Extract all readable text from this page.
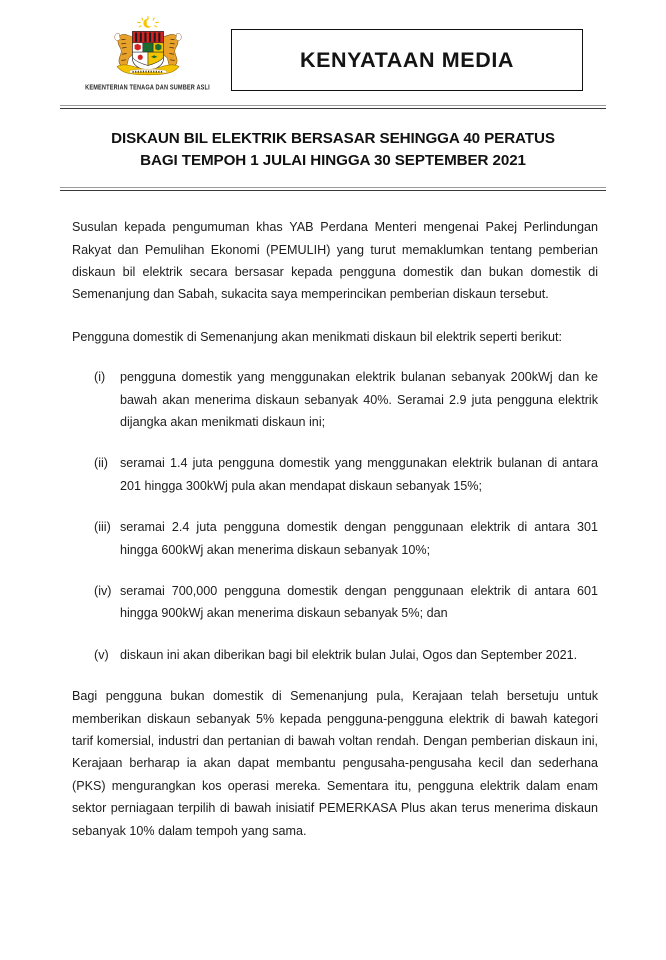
KEMENTERIAN TENAGA DAN SUMBER ASLI
KENYATAAN MEDIA
DISKAUN BIL ELEKTRIK BERSASAR SEHINGGA 40 PERATUS
BAGI TEMPOH 1 JULAI HINGGA 30 SEPTEMBER 2021

Susulan kepada pengumuman khas YAB Perdana Menteri mengenai Pakej Perlindungan Rakyat dan Pemulihan Ekonomi (PEMULIH) yang turut memaklumkan tentang pemberian diskaun bil elektrik secara bersasar kepada pengguna domestik dan bukan domestik di Semenanjung dan Sabah, sukacita saya memperincikan pemberian diskaun tersebut.

Pengguna domestik di Semenanjung akan menikmati diskaun bil elektrik seperti berikut:

(i)	pengguna domestik yang menggunakan elektrik bulanan sebanyak 200kWj dan ke bawah akan menerima diskaun sebanyak 40%. Seramai 2.9 juta pengguna elektrik dijangka akan menikmati diskaun ini;
(ii) seramai 1.4 juta pengguna domestik yang menggunakan elektrik bulanan di antara 201 hingga 300kWj pula akan mendapat diskaun sebanyak 15%;
(iii) seramai 2.4 juta pengguna domestik dengan penggunaan elektrik di antara 301 hingga 600kWj akan menerima diskaun sebanyak 10%;
(iv) seramai 700,000 pengguna domestik dengan penggunaan elektrik di antara 601 hingga 900kWj akan menerima diskaun sebanyak 5%; dan
(v) diskaun ini akan diberikan bagi bil elektrik bulan Julai, Ogos dan September 2021.

Bagi pengguna bukan domestik di Semenanjung pula, Kerajaan telah bersetuju untuk memberikan diskaun sebanyak 5% kepada pengguna-pengguna elektrik di bawah kategori tarif komersial, industri dan pertanian di bawah voltan rendah. Dengan pemberian diskaun ini, Kerajaan berharap ia akan dapat membantu pengusaha-pengusaha kecil dan sederhana (PKS) mengurangkan kos operasi mereka. Sementara itu, pengguna elektrik dalam enam sektor perniagaan terpilih di bawah inisiatif PEMERKASA Plus akan terus menerima diskaun sebanyak 10% dalam tempoh yang sama.
